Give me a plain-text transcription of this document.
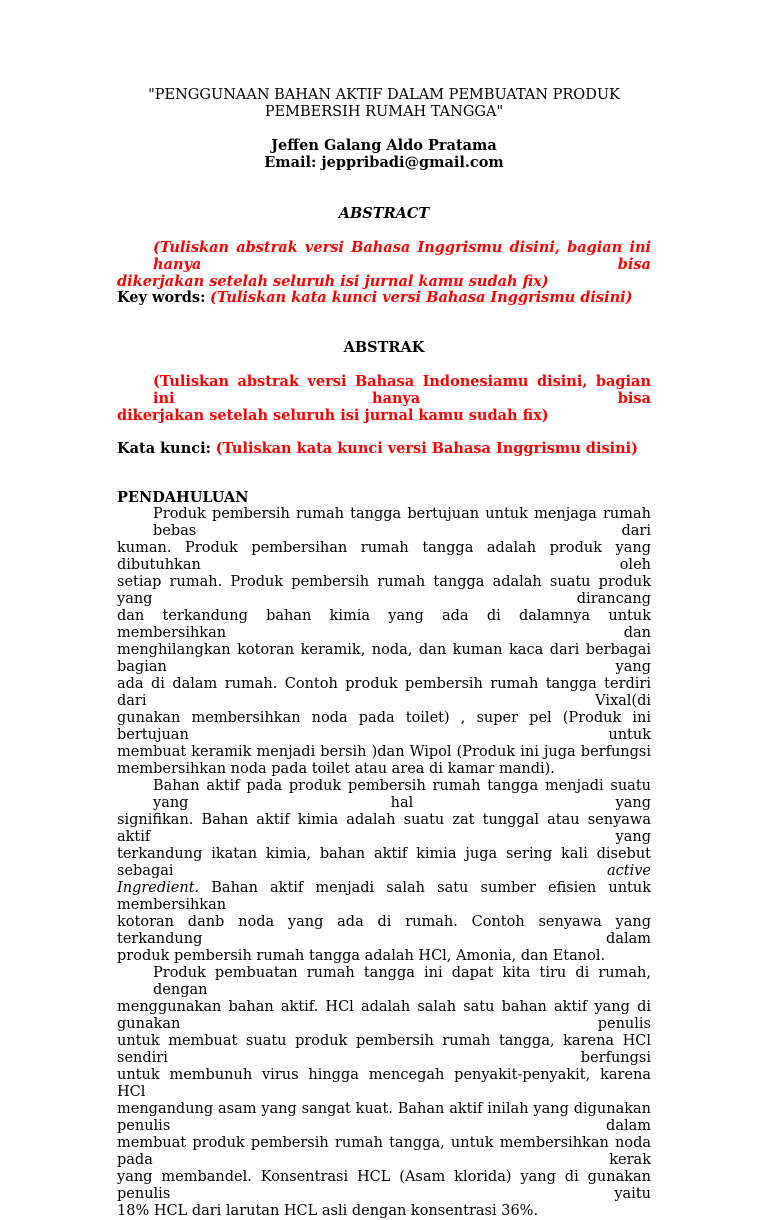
"PENGGUNAAN BAHAN AKTIF DALAM PEMBUATAN PRODUK
PEMBERSIH RUMAH TANGGA"
Jeffen Galang Aldo Pratama
Email: jeppribadi@gmail.com
ABSTRACT
(Tuliskan abstrak versi Bahasa Inggrismu disini, bagian ini hanya bisa
dikerjakan setelah seluruh isi jurnal kamu sudah fix)
Key words: (Tuliskan kata kunci versi Bahasa Inggrismu disini)
ABSTRAK
(Tuliskan abstrak versi Bahasa Indonesiamu disini, bagian ini hanya bisa
dikerjakan setelah seluruh isi jurnal kamu sudah fix)
Kata kunci: (Tuliskan kata kunci versi Bahasa Inggrismu disini)
PENDAHULUAN
Produk pembersih rumah tangga bertujuan untuk menjaga rumah bebas dari
kuman. Produk pembersihan rumah tangga adalah produk yang dibutuhkan oleh
setiap rumah. Produk pembersih rumah tangga adalah suatu produk yang dirancang
dan terkandung bahan kimia yang ada di dalamnya untuk membersihkan dan
menghilangkan kotoran keramik, noda, dan kuman kaca dari berbagai bagian yang
ada di dalam rumah. Contoh produk pembersih rumah tangga terdiri dari Vixal(di
gunakan membersihkan noda pada toilet) , super pel (Produk ini bertujuan untuk
membuat keramik menjadi bersih )dan Wipol (Produk ini juga berfungsi
membersihkan noda pada toilet atau area di kamar mandi).
Bahan aktif pada produk pembersih rumah tangga menjadi suatu yang hal yang
signifikan. Bahan aktif kimia adalah suatu zat tunggal atau senyawa aktif yang
terkandung ikatan kimia, bahan aktif kimia juga sering kali disebut sebagai	active
Ingredient. Bahan aktif menjadi salah satu sumber efisien untuk membersihkan
kotoran danb noda yang ada di rumah. Contoh senyawa yang terkandung dalam
produk pembersih rumah tangga adalah HCl, Amonia, dan Etanol.
Produk pembuatan rumah tangga ini dapat kita tiru di rumah, dengan
menggunakan bahan aktif. HCl adalah salah satu bahan aktif yang di gunakan penulis
untuk membuat suatu produk pembersih rumah tangga, karena HCl sendiri berfungsi
untuk membunuh virus hingga mencegah penyakit-penyakit, karena HCl
mengandung asam yang sangat kuat. Bahan aktif inilah yang digunakan penulis dalam
membuat produk pembersih rumah tangga, untuk membersihkan noda pada kerak
yang membandel. Konsentrasi HCL (Asam klorida) yang di gunakan penulis yaitu
18% HCL dari larutan HCL asli dengan konsentrasi 36%.
